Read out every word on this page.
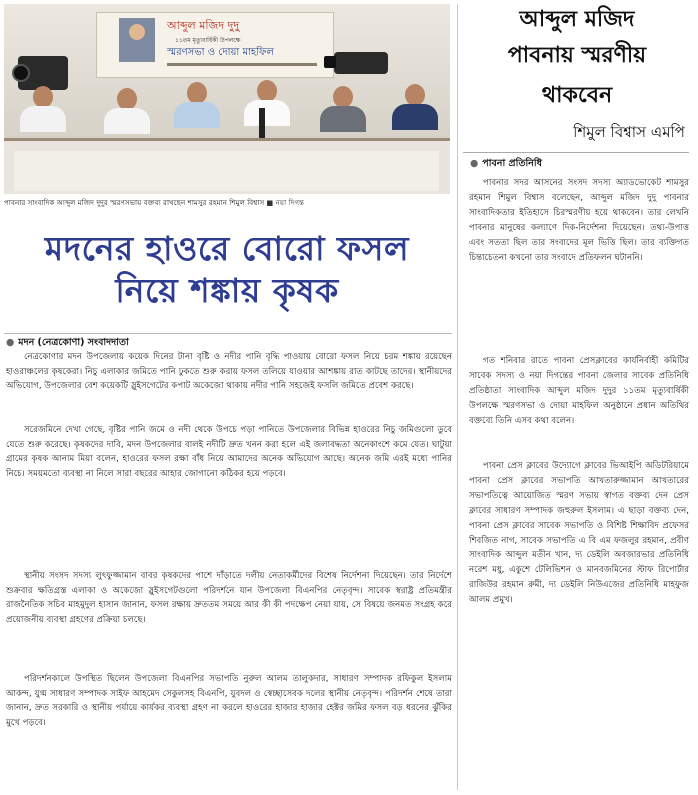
আব্দুল মজিদ দুদু
১১তম মৃত্যুবার্ষিকী উপলক্ষে
স্মরণসভা ও দোয়া মাহফিল
পাবনার সাংবাদিক আব্দুল মজিদ দুদুর স্মরণসভায় বক্তব্য রাখছেন শামসুর রহমান শিমুল বিশ্বাস ■ নয়া দিগন্ত
মদনের হাওরে বোরো ফসল
নিয়ে শঙ্কায় কৃষক
● মদন (নেত্রকোণা) সংবাদদাতা
নেত্রকোণার মদন উপজেলায় কয়েক দিনের টানা বৃষ্টি ও নদীর পানি বৃদ্ধি পাওয়ায় বোরো ফসল নিয়ে চরম শঙ্কায় রয়েছেন হাওরাঞ্চলের কৃষকেরা। নিচু এলাকার জমিতে পানি ঢুকতে শুরু করায় ফসল তলিয়ে যাওয়ার আশঙ্কায় রাত কাটছে তাদের। স্থানীয়দের অভিযোগ, উপজেলার বেশ কয়েকটি স্লুইসগেটের কপাট অকেজো থাকায় নদীর পানি সহজেই ফসলি জমিতে প্রবেশ করছে।
সরেজমিনে দেখা গেছে, বৃষ্টির পানি জমে ও নদী থেকে উপচে পড়া পানিতে উপজেলার বিভিন্ন হাওরের নিচু জমিগুলো ডুবে যেতে শুরু করেছে। কৃষকদের দাবি, মদন উপজেলার বালই নদীটি দ্রুত খনন করা হলে এই জলাবদ্ধতা অনেকাংশে কমে যেত। ঘাটুয়া গ্রামের কৃষক আনাম মিয়া বলেন, হাওরের ফসল রক্ষা বাঁধ নিয়ে আমাদের অনেক অভিযোগ আছে। অনেক জমি এরই মধ্যে পানির নিচে। সময়মতো ব্যবস্থা না নিলে সারা বছরের আহার জোগানো কঠিকর হয়ে পড়বে।
স্থানীয় সংসদ সদস্য লুৎফুজ্জামান বাবর কৃষকদের পাশে দাঁড়াতে দলীয় নেতাকর্মীদের বিশেষ নির্দেশনা দিয়েছেন। তার নির্দেশে শুক্রবার ক্ষতিগ্রস্ত এলাকা ও অকেজো স্লুইসগেটগুলো পরিদর্শনে যান উপজেলা বিএনপির নেতৃবৃন্দ। সাবেক স্বরাষ্ট্র প্রতিমন্ত্রীর রাজনৈতিক সচিব মাহমুদুল হাসান জানান, ফসল রক্ষায় দ্রুততম সময়ে আর কী কী পদক্ষেপ নেয়া যায়, সে বিষয়ে জনমত সংগ্রহ করে প্রয়োজনীয় ব্যবস্থা গ্রহণের প্রক্রিয়া চলছে।
পরিদর্শনকালে উপস্থিত ছিলেন উপজেলা বিএনপির সভাপতি নুরুল আলম তালুকদার, সাধারণ সম্পাদক রফিকুল ইসলাম আকন্দ, যুগ্ম সাধারণ সম্পাদক সাইফ আহমেদ সেকুলসহ বিএনপি, যুবদল ও স্বেচ্ছাসেবক দলের স্থানীয় নেতৃবৃন্দ। পরিদর্শন শেষে তারা জানান, দ্রুত সরকারি ও স্থানীয় পর্যায়ে কার্যকর ব্যবস্থা গ্রহণ না করলে হাওরের হাজার হাজার হেক্টর জমির ফসল বড় ধরনের ঝুঁকির মুখে পড়বে।
আব্দুল মজিদ
পাবনায় স্মরণীয়
থাকবেন
শিমুল বিশ্বাস এমপি
● পাবনা প্রতিনিধি
পাবনার সদর আসনের সংসদ সদস্য অ্যাডভোকেট শামসুর রহমান শিমুল বিশ্বাস বলেছেন, আব্দুল মজিদ দুদু পাবনার সাংবাদিকতার ইতিহাসে চিরস্মরণীয় হয়ে থাকবেন। তার লেখনি পাবনার মানুষের কল্যাণে দিক-নির্দেশনা দিয়েছেন। তথ্য-উপাত্ত এবং সততা ছিল তার সংবাদের মূল ভিত্তি ছিল। তার ব্যক্তিগত চিন্তাচেতনা কখনো তার সংবাদে প্রতিফলন ঘটাননি।
গত শনিবার রাতে পাবনা প্রেসক্লাবের কার্যনির্বাহী কমিটির সাবেক সদস্য ও নয়া দিগন্তের পাবনা জেলার সাবেক প্রতিনিধি প্রতিষ্ঠাতা সাংবাদিক আব্দুল মজিদ দুদুর ১১তম মৃত্যুবার্ষিকী উপলক্ষে স্মরণসভা ও দোয়া মাহফিল অনুষ্ঠানে প্রধান অতিথির বক্তব্যে তিনি এসব কথা বলেন।
পাবনা প্রেস ক্লাবের উদ্যোগে ক্লাবের ভিআইপি অডিটরিয়ামে পাবনা প্রেস ক্লাবের সভাপতি আখতারুজ্জামান আখতারের সভাপতিত্বে আয়োজিত স্মরণ সভায় স্বাগত বক্তব্য দেন প্রেস ক্লাবের সাধারণ সম্পাদক জহুরুল ইসলাম। এ ছাড়া বক্তব্য দেন, পাবনা প্রেস ক্লাবের সাবেক সভাপতি ও বিশিষ্ট শিক্ষাবিদ প্রফেসর শিবজিত নাগ, সাবেক সভাপতি এ বি এম ফজলুর রহমান, প্রবীণ সাংবাদিক আব্দুল মতীন খান, দ্য ডেইলি অবজারভার প্রতিনিধি নরেশ মধু, একুশে টেলিভিশন ও মানবজমিনের স্টাফ রিপোর্টার রাজিউর রহমান রুমী, দ্য ডেইলি নিউএজের প্রতিনিধি মাহফুজ আলম প্রমুখ।
